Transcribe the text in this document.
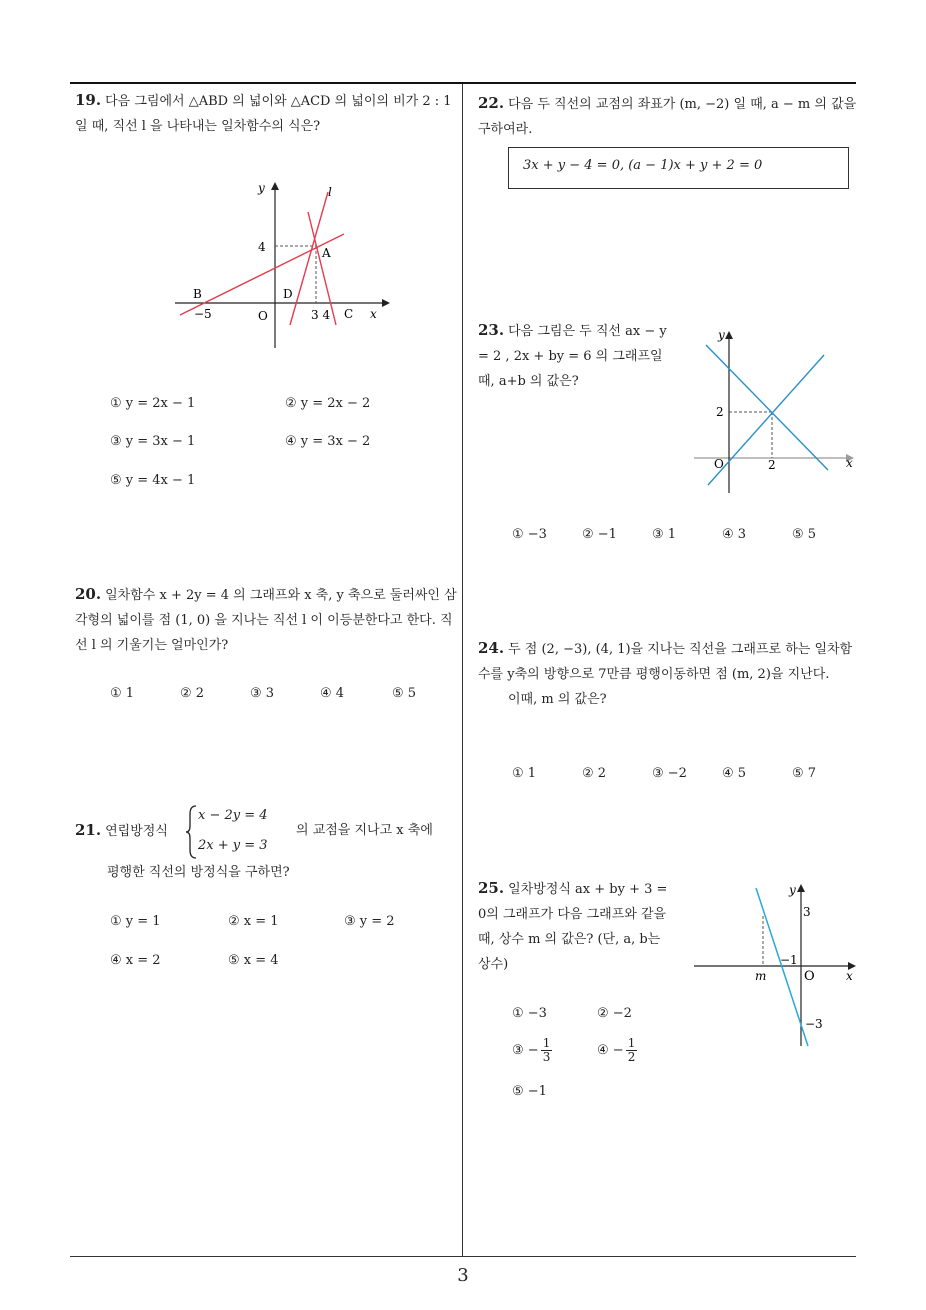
3
19. 다음 그림에서 △ABD 의 넓이와 △ACD 의 넓이의 비가 2 : 1 일 때, 직선 l 을 나타내는 일차함수의 식은?
y
x
l
4	A
B	D
C
O
−5	3 4
① y = 2x − 1	② y = 2x − 2
③ y = 3x − 1	④ y = 3x − 2
⑤ y = 4x − 1
20. 일차함수 x + 2y = 4 의 그래프와 x 축, y 축으로 둘러싸인 삼각형의 넓이를 점 (1, 0) 을 지나는 직선 l 이 이등분한다고 한다. 직선 l 의 기울기는 얼마인가?
① 1	② 2	③ 3	④ 4	⑤ 5
21. 연립방정식
x − 2y = 4
2x + y = 3
의 교점을 지나고 x 축에
평행한 직선의 방정식을 구하면?
① y = 1	② x = 1	③ y = 2
④ x = 2	⑤ x = 4
22. 다음 두 직선의 교점의 좌표가 (m, −2) 일 때, a − m 의 값을 구하여라.
3x + y − 4 = 0, (a − 1)x + y + 2 = 0
23. 다음 그림은 두 직선 ax − y = 2 , 2x + by = 6 의 그래프일 때, a+b 의 값은?
y
x
O	2
2
① −3	② −1	③ 1	④ 3	⑤ 5
24. 두 점 (2, −3), (4, 1)을 지나는 직선을 그래프로 하는 일차함수를 y축의 방향으로 7만큼 평행이동하면 점 (m, 2)을 지난다.
이때, m 의 값은?
① 1	② 2	③ −2	④ 5	⑤ 7
25. 일차방정식 ax + by + 3 = 0의 그래프가 다음 그래프와 같을 때, 상수 m 의 값은? (단, a, b는 상수)
y
x
O
3
−3
−1
m
① −3	② −2
③ − $\frac{1}{3}$	④ − $\frac{1}{2}$
⑤ −1
